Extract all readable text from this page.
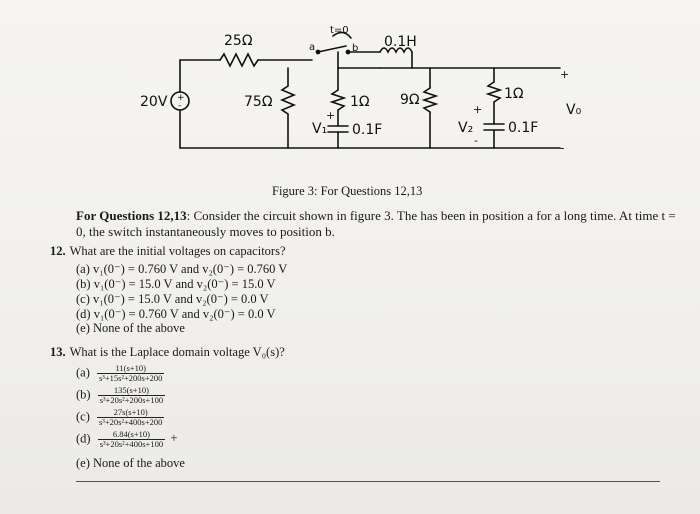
+
-
20V
25Ω
t=0
a	b 0.1H
75Ω	1Ω 9Ω	1Ω
+
V₁ 0.1F
+
V₂ 0.1F
-
+
V₀
-
Figure 3: For Questions 12,13
For Questions 12,13: Consider the circuit shown in figure 3. The has been in position a for a long time. At time t = 0, the switch instantaneously moves to position b.
12. What are the initial voltages on capacitors?
(a) v₁(0⁻) = 0.760 V and v₂(0⁻) = 0.760 V
(b) v₁(0⁻) = 15.0 V and v₂(0⁻) = 15.0 V
(c) v₁(0⁻) = 15.0 V and v₂(0⁻) = 0.0 V
(d) v₁(0⁻) = 0.760 V and v₂(0⁻) = 0.0 V
(e) None of the above
13. What is the Laplace domain voltage V₀(s)?
$(a) \frac{11(s+10)}{\text{s³+15s²+200s+200}}$
$(b) \frac{135(s+10)}{\text{s³+20s²+200s+100}}$
$(c) \frac{27s(s+10)}{\text{s³+20s²+400s+200}}$
$(d) \frac{6.84(s+10)}{\text{s³+20s²+400s+100}}$ +
(e) None of the above
